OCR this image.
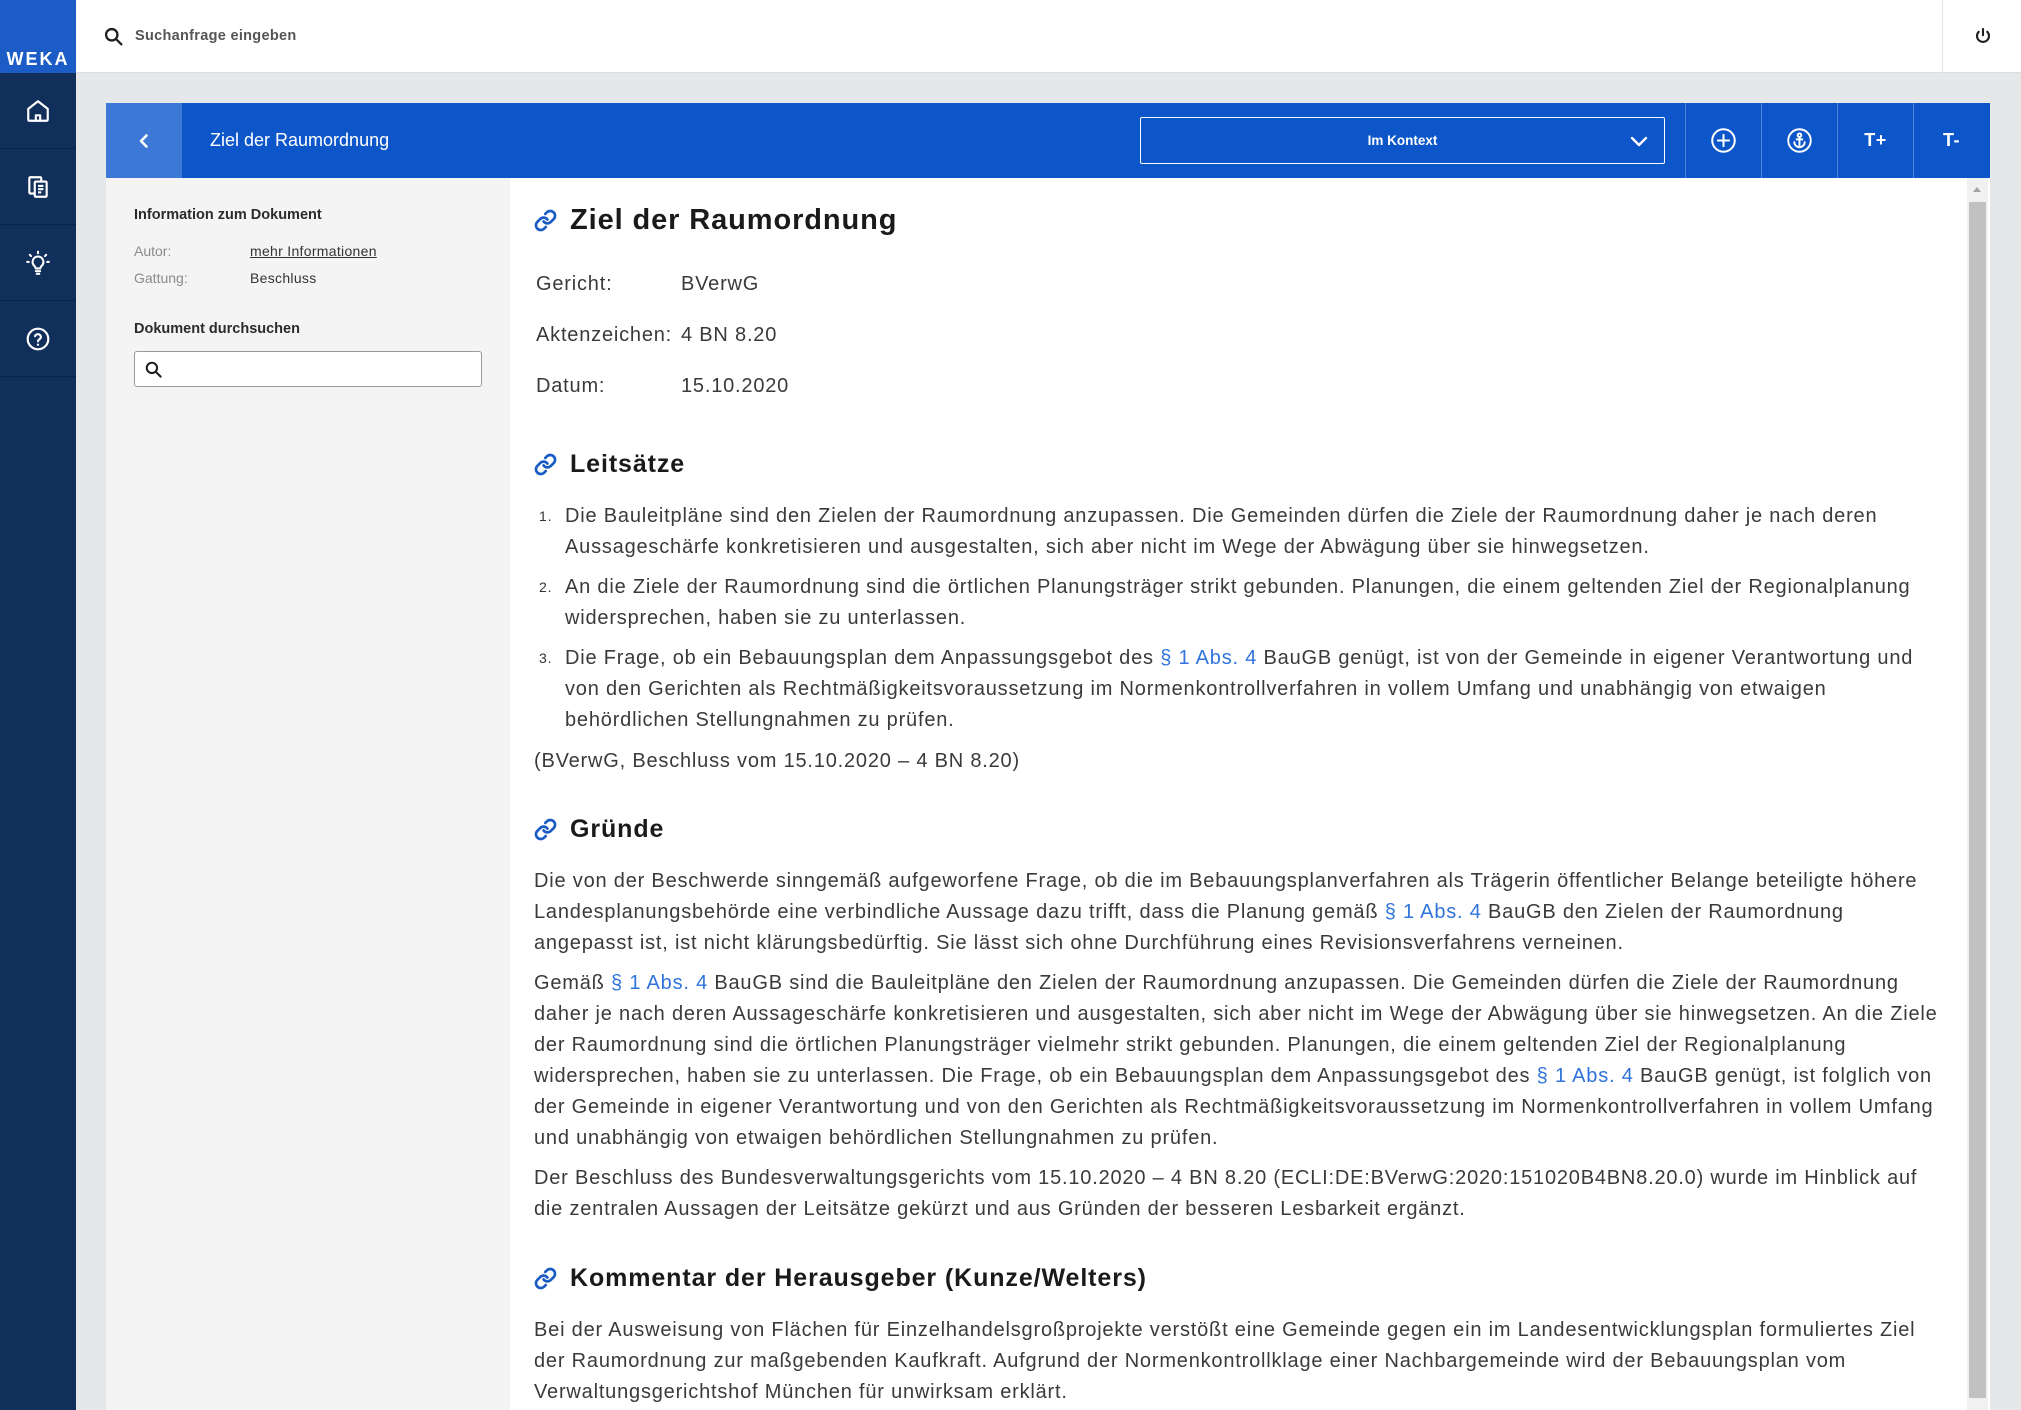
WEKA
Suchanfrage eingeben
Ziel der Raumordnung	Im Kontext	T+	T-
Information zum Dokument
Autor:	mehr Informationen
Gattung:	Beschluss
Dokument durchsuchen
Ziel der Raumordnung
Gericht:	BVerwG
Aktenzeichen: 4 BN 8.20
Datum:	15.10.2020
Leitsätze
1. Die Bauleitpläne sind den Zielen der Raumordnung anzupassen. Die Gemeinden dürfen die Ziele der Raumordnung daher je nach deren Aussageschärfe konkretisieren und ausgestalten, sich aber nicht im Wege der Abwägung über sie hinwegsetzen.
2. An die Ziele der Raumordnung sind die örtlichen Planungsträger strikt gebunden. Planungen, die einem geltenden Ziel der Regionalplanung widersprechen, haben sie zu unterlassen.
3. Die Frage, ob ein Bebauungsplan dem Anpassungsgebot des § 1 Abs. 4 BauGB genügt, ist von der Gemeinde in eigener Verantwortung und von den Gerichten als Rechtmäßigkeitsvoraussetzung im Normenkontrollverfahren in vollem Umfang und unabhängig von etwaigen behördlichen Stellungnahmen zu prüfen.

(BVerwG, Beschluss vom 15.10.2020 – 4 BN 8.20)

Gründe

Die von der Beschwerde sinngemäß aufgeworfene Frage, ob die im Bebauungsplanverfahren als Trägerin öffentlicher Belange beteiligte höhere Landesplanungsbehörde eine verbindliche Aussage dazu trifft, dass die Planung gemäß § 1 Abs. 4 BauGB den Zielen der Raumordnung angepasst ist, ist nicht klärungsbedürftig. Sie lässt sich ohne Durchführung eines Revisionsverfahrens verneinen.

Gemäß § 1 Abs. 4 BauGB sind die Bauleitpläne den Zielen der Raumordnung anzupassen. Die Gemeinden dürfen die Ziele der Raumordnung daher je nach deren Aussageschärfe konkretisieren und ausgestalten, sich aber nicht im Wege der Abwägung über sie hinwegsetzen. An die Ziele der Raumordnung sind die örtlichen Planungsträger vielmehr strikt gebunden. Planungen, die einem geltenden Ziel der Regionalplanung widersprechen, haben sie zu unterlassen. Die Frage, ob ein Bebauungsplan dem Anpassungsgebot des § 1 Abs. 4 BauGB genügt, ist folglich von der Gemeinde in eigener Verantwortung und von den Gerichten als Rechtmäßigkeitsvoraussetzung im Normenkontrollverfahren in vollem Umfang und unabhängig von etwaigen behördlichen Stellungnahmen zu prüfen.

Der Beschluss des Bundesverwaltungsgerichts vom 15.10.2020 – 4 BN 8.20 (ECLI:DE:BVerwG:2020:151020B4BN8.20.0) wurde im Hinblick auf die zentralen Aussagen der Leitsätze gekürzt und aus Gründen der besseren Lesbarkeit ergänzt.

Kommentar der Herausgeber (Kunze/Welters)

Bei der Ausweisung von Flächen für Einzelhandelsgroßprojekte verstößt eine Gemeinde gegen ein im Landesentwicklungsplan formuliertes Ziel der Raumordnung zur maßgebenden Kaufkraft. Aufgrund der Normenkontrollklage einer Nachbargemeinde wird der Bebauungsplan vom Verwaltungsgerichtshof München für unwirksam erklärt.
